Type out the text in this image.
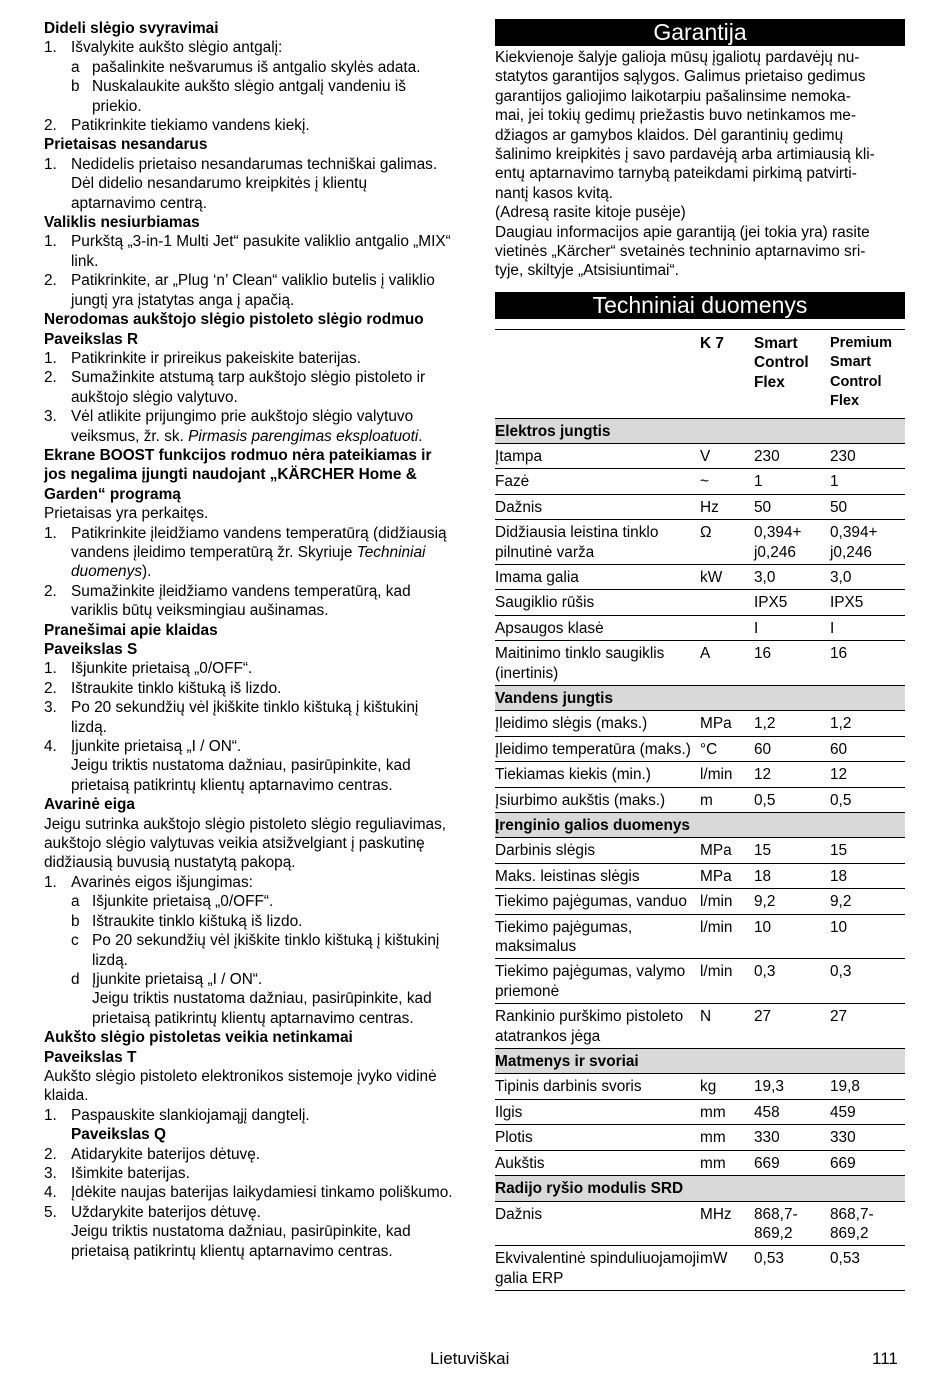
Dideli slėgio svyravimai
1. Išvalykite aukšto slėgio antgalį:
a pašalinkite nešvarumus iš antgalio skylės adata.
b Nuskalaukite aukšto slėgio antgalį vandeniu iš priekio.
2. Patikrinkite tiekiamo vandens kiekį.
Prietaisas nesandarus
1. Nedidelis prietaiso nesandarumas techniškai galimas. Dėl didelio nesandarumo kreipkitės į klientų aptarnavimo centrą.
Valiklis nesiurbiamas
1. Purkštą „3-in-1 Multi Jet“ pasukite valiklio antgalio „MIX“ link.
2. Patikrinkite, ar „Plug ‘n’ Clean“ valiklio butelis į valiklio jungtį yra įstatytas anga į apačią.
Nerodomas aukštojo slėgio pistoleto slėgio rodmuo
Paveikslas R
1. Patikrinkite ir prireikus pakeiskite baterijas.
2. Sumažinkite atstumą tarp aukštojo slėgio pistoleto ir aukštojo slėgio valytuvo.
3. Vėl atlikite prijungimo prie aukštojo slėgio valytuvo veiksmus, žr. sk. Pirmasis parengimas eksploatuoti.
Ekrane BOOST funkcijos rodmuo nėra pateikiamas ir jos negalima įjungti naudojant „KÄRCHER Home & Garden“ programą
Prietaisas yra perkaitęs.
1. Patikrinkite įleidžiamo vandens temperatūrą (didžiausią vandens įleidimo temperatūrą žr. Skyriuje Techniniai duomenys).
2. Sumažinkite įleidžiamo vandens temperatūrą, kad variklis būtų veiksmingiau aušinamas.
Pranešimai apie klaidas
Paveikslas S
1. Išjunkite prietaisą „0/OFF“.
2. Ištraukite tinklo kištuką iš lizdo.
3. Po 20 sekundžių vėl įkiškite tinklo kištuką į kištukinį lizdą.
4. Įjunkite prietaisą „I / ON“.
Jeigu triktis nustatoma dažniau, pasirūpinkite, kad prietaisą patikrintų klientų aptarnavimo centras.
Avarinė eiga
Jeigu sutrinka aukštojo slėgio pistoleto slėgio reguliavimas, aukštojo slėgio valytuvas veikia atsižvelgiant į paskutinę didžiausią buvusią nustatytą pakopą.
1. Avarinės eigos išjungimas:
a Išjunkite prietaisą „0/OFF“.
b Ištraukite tinklo kištuką iš lizdo.
c Po 20 sekundžių vėl įkiškite tinklo kištuką į kištukinį lizdą.
d Įjunkite prietaisą „I / ON“.
Jeigu triktis nustatoma dažniau, pasirūpinkite, kad prietaisą patikrintų klientų aptarnavimo centras.
Aukšto slėgio pistoletas veikia netinkamai
Paveikslas T
Aukšto slėgio pistoleto elektronikos sistemoje įvyko vidinė klaida.
1. Paspauskite slankiojamąjį dangtelį.
Paveikslas Q
2. Atidarykite baterijos dėtuvę.
3. Išimkite baterijas.
4. Įdėkite naujas baterijas laikydamiesi tinkamo poliškumo.
5. Uždarykite baterijos dėtuvę.
Jeigu triktis nustatoma dažniau, pasirūpinkite, kad prietaisą patikrintų klientų aptarnavimo centras.
Garantija
Kiekvienoje šalyje galioja mūsų įgaliotų pardavėjų nu-
statytos garantijos sąlygos. Galimus prietaiso gedimus
garantijos galiojimo laikotarpiu pašalinsime nemoka-
mai, jei tokių gedimų priežastis buvo netinkamos me-
džiagos ar gamybos klaidos. Dėl garantinių gedimų
šalinimo kreipkitės į savo pardavėją arba artimiausią kli-
entų aptarnavimo tarnybą pateikdami pirkimą patvirti-
nantį kasos kvitą.
(Adresą rasite kitoje pusėje)
Daugiau informacijos apie garantiją (jei tokia yra) rasite
vietinės „Kärcher“ svetainės techninio aptarnavimo sri-
tyje, skiltyje „Atsisiuntimai“.
Techniniai duomenys
	K 7	Smart Control Flex	Premium Smart Control Flex
Elektros jungtis			
Įtampa	V	230	230
Fazė	~	1	1
Dažnis	Hz	50	50
Didžiausia leistina tinklo pilnutinė varža	Ω	0,394+ j0,246	0,394+ j0,246
Imama galia	kW	3,0	3,0
Saugiklio rūšis		IPX5	IPX5
Apsaugos klasė		I	I
Maitinimo tinklo saugiklis (inertinis)	A	16	16
Vandens jungtis			
Įleidimo slėgis (maks.)	MPa	1,2	1,2
Įleidimo temperatūra (maks.)	°C	60	60
Tiekiamas kiekis (min.)	l/min	12	12
Įsiurbimo aukštis (maks.)	m	0,5	0,5
Įrenginio galios duomenys			
Darbinis slėgis	MPa	15	15
Maks. leistinas slėgis	MPa	18	18
Tiekimo pajėgumas, vanduo	l/min	9,2	9,2
Tiekimo pajėgumas, maksimalus	l/min	10	10
Tiekimo pajėgumas, valymo priemonė	l/min	0,3	0,3
Rankinio purškimo pistoleto atatrankos jėga	N	27	27
Matmenys ir svoriai			
Tipinis darbinis svoris	kg	19,3	19,8
Ilgis	mm	458	459
Plotis	mm	330	330
Aukštis	mm	669	669
Radijo ryšio modulis SRD			
Dažnis	MHz	868,7-869,2	868,7-869,2
Ekvivalentinė spinduliuojamoji galia ERP	mW	0,53	0,53
Lietuviškai	111
